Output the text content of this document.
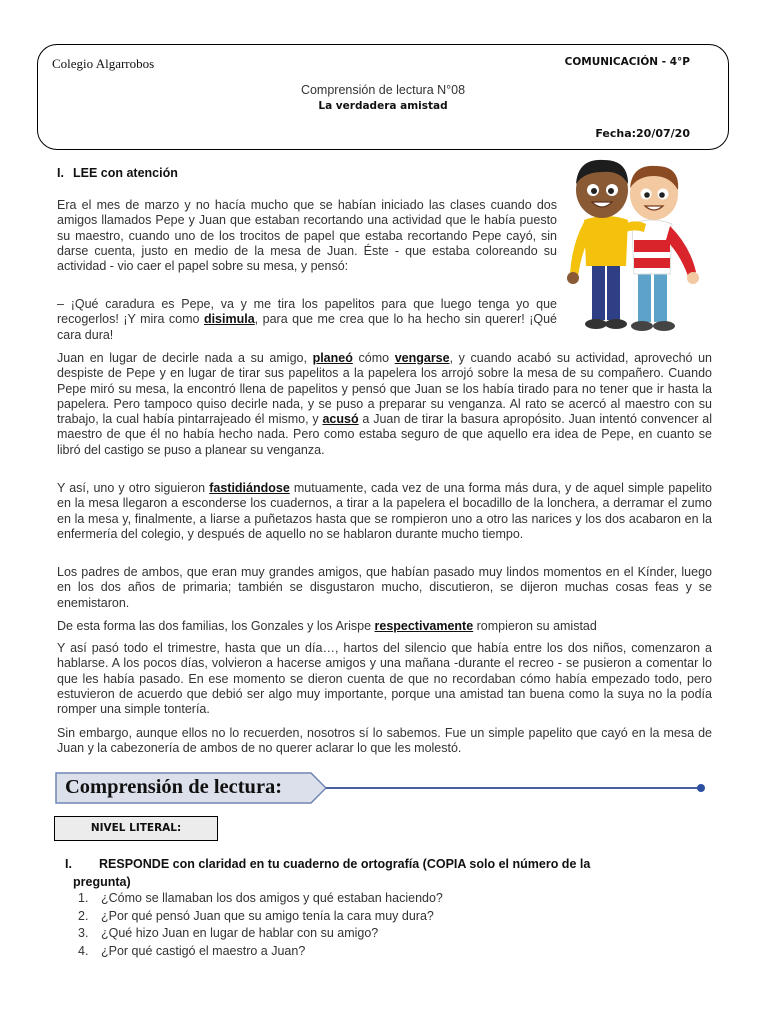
Colegio Algarrobos	COMUNICACIÓN - 4°P
Comprensión de lectura N°08
La verdadera amistad
Fecha:20/07/20
I. LEE con atención

Era el mes de marzo y no hacía mucho que se habían iniciado las clases cuando dos amigos llamados Pepe y Juan que estaban recortando una actividad que le había puesto su maestro, cuando uno de los trocitos de papel que estaba recortando Pepe cayó, sin darse cuenta, justo en medio de la mesa de Juan. Éste - que estaba coloreando su actividad - vio caer el papel sobre su mesa, y pensó:

– ¡Qué caradura es Pepe, va y me tira los papelitos para que luego tenga yo que recogerlos! ¡Y mira como disimula, para que me crea que lo ha hecho sin querer! ¡Qué cara dura!

Juan en lugar de decirle nada a su amigo, planeó cómo vengarse, y cuando acabó su actividad, aprovechó un despiste de Pepe y en lugar de tirar sus papelitos a la papelera los arrojó sobre la mesa de su compañero. Cuando Pepe miró su mesa, la encontró llena de papelitos y pensó que Juan se los había tirado para no tener que ir hasta la papelera. Pero tampoco quiso decirle nada, y se puso a preparar su venganza. Al rato se acercó al maestro con su trabajo, la cual había pintarrajeado él mismo, y acusó a Juan de tirar la basura apropósito. Juan intentó convencer al maestro de que él no había hecho nada. Pero como estaba seguro de que aquello era idea de Pepe, en cuanto se libró del castigo se puso a planear su venganza.

Y así, uno y otro siguieron fastidiándose mutuamente, cada vez de una forma más dura, y de aquel simple papelito en la mesa llegaron a esconderse los cuadernos, a tirar a la papelera el bocadillo de la lonchera, a derramar el zumo en la mesa y, finalmente, a liarse a puñetazos hasta que se rompieron uno a otro las narices y los dos acabaron en la enfermería del colegio, y después de aquello no se hablaron durante mucho tiempo.

Los padres de ambos, que eran muy grandes amigos, que habían pasado muy lindos momentos en el Kínder, luego en los dos años de primaria; también se disgustaron mucho, discutieron, se dijeron muchas cosas feas y se enemistaron.

De esta forma las dos familias, los Gonzales y los Arispe respectivamente rompieron su amistad

Y así pasó todo el trimestre, hasta que un día…, hartos del silencio que había entre los dos niños, comenzaron a hablarse. A los pocos días, volvieron a hacerse amigos y una mañana -durante el recreo - se pusieron a comentar lo que les había pasado. En ese momento se dieron cuenta de que no recordaban cómo había empezado todo, pero estuvieron de acuerdo que debió ser algo muy importante, porque una amistad tan buena como la suya no la podía romper una simple tontería.

Sin embargo, aunque ellos no lo recuerden, nosotros sí lo sabemos. Fue un simple papelito que cayó en la mesa de Juan y la cabezonería de ambos de no querer aclarar lo que les molestó.

Comprensión de lectura:
NIVEL LITERAL:
I. RESPONDE con claridad en tu cuaderno de ortografía (COPIA solo el número de la
pregunta)
1. ¿Cómo se llamaban los dos amigos y qué estaban haciendo?
2. ¿Por qué pensó Juan que su amigo tenía la cara muy dura?
3. ¿Qué hizo Juan en lugar de hablar con su amigo?
4. ¿Por qué castigó el maestro a Juan?
